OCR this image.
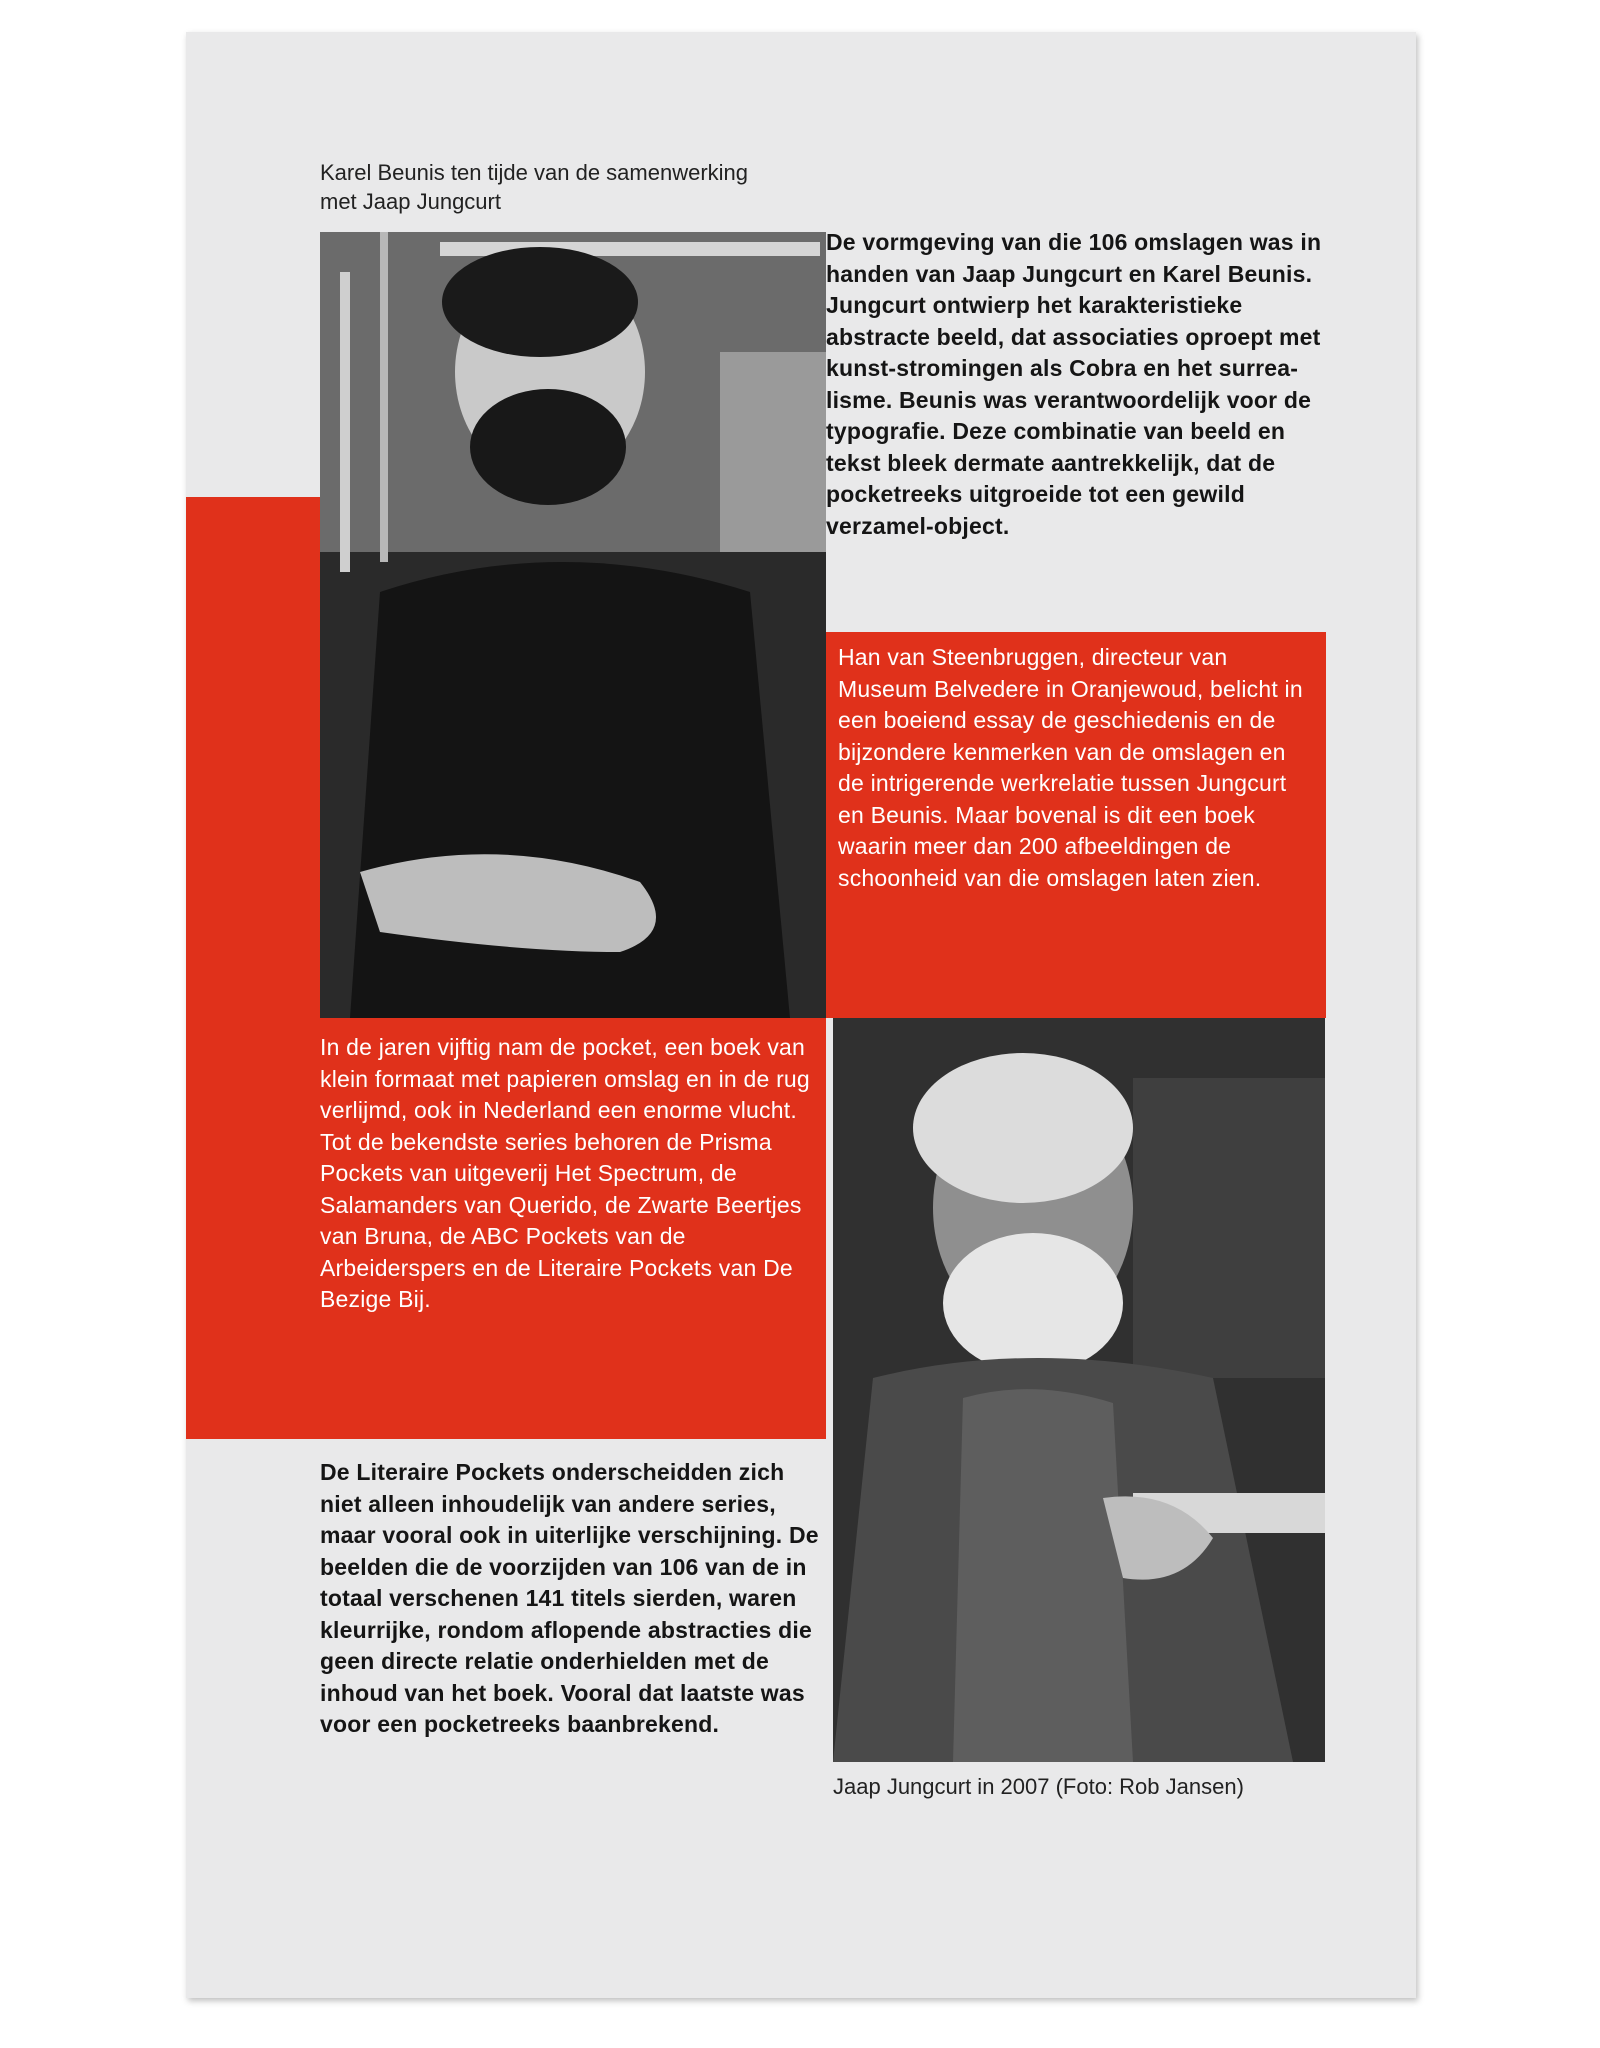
Karel Beunis ten tijde van de samenwerking met Jaap Jungcurt
De vormgeving van die 106 omslagen was in handen van Jaap Jungcurt en Karel Beunis. Jungcurt ontwierp het karakteristieke abstracte beeld, dat associaties oproept met kunst-stromingen als Cobra en het surrea-lisme. Beunis was verantwoordelijk voor de typografie. Deze combinatie van beeld en tekst bleek dermate aantrekkelijk, dat de pocketreeks uitgroeide tot een gewild verzamel-object.
Han van Steenbruggen, directeur van Museum Belvedere in Oranjewoud, belicht in een boeiend essay de geschiedenis en de bijzondere kenmerken van de omslagen en de intrigerende werkrelatie tussen Jungcurt en Beunis. Maar bovenal is dit een boek waarin meer dan 200 afbeeldingen de schoonheid van die omslagen laten zien.
In de jaren vijftig nam de pocket, een boek van klein formaat met papieren omslag en in de rug verlijmd, ook in Nederland een enorme vlucht. Tot de bekendste series behoren de Prisma Pockets van uitgeverij Het Spectrum, de Salamanders van Querido, de Zwarte Beertjes van Bruna, de ABC Pockets van de Arbeiderspers en de Literaire Pockets van De Bezige Bij.
De Literaire Pockets onderscheidden zich niet alleen inhoudelijk van andere series, maar vooral ook in uiterlijke verschijning. De beelden die de voorzijden van 106 van de in totaal verschenen 141 titels sierden, waren kleurrijke, rondom aflopende abstracties die geen directe relatie onderhielden met de inhoud van het boek. Vooral dat laatste was voor een pocketreeks baanbrekend.
Jaap Jungcurt in 2007 (Foto: Rob Jansen)
